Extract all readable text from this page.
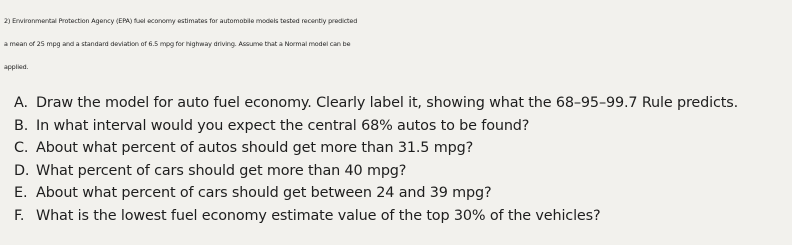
2) Environmental Protection Agency (EPA) fuel economy estimates for automobile models tested recently predicted
a mean of 25 mpg and a standard deviation of 6.5 mpg for highway driving. Assume that a Normal model can be
applied.
A. Draw the model for auto fuel economy. Clearly label it, showing what the 68–95–99.7 Rule predicts.
B. In what interval would you expect the central 68% autos to be found?
C. About what percent of autos should get more than 31.5 mpg?
D. What percent of cars should get more than 40 mpg?
E. About what percent of cars should get between 24 and 39 mpg?
F. What is the lowest fuel economy estimate value of the top 30% of the vehicles?
